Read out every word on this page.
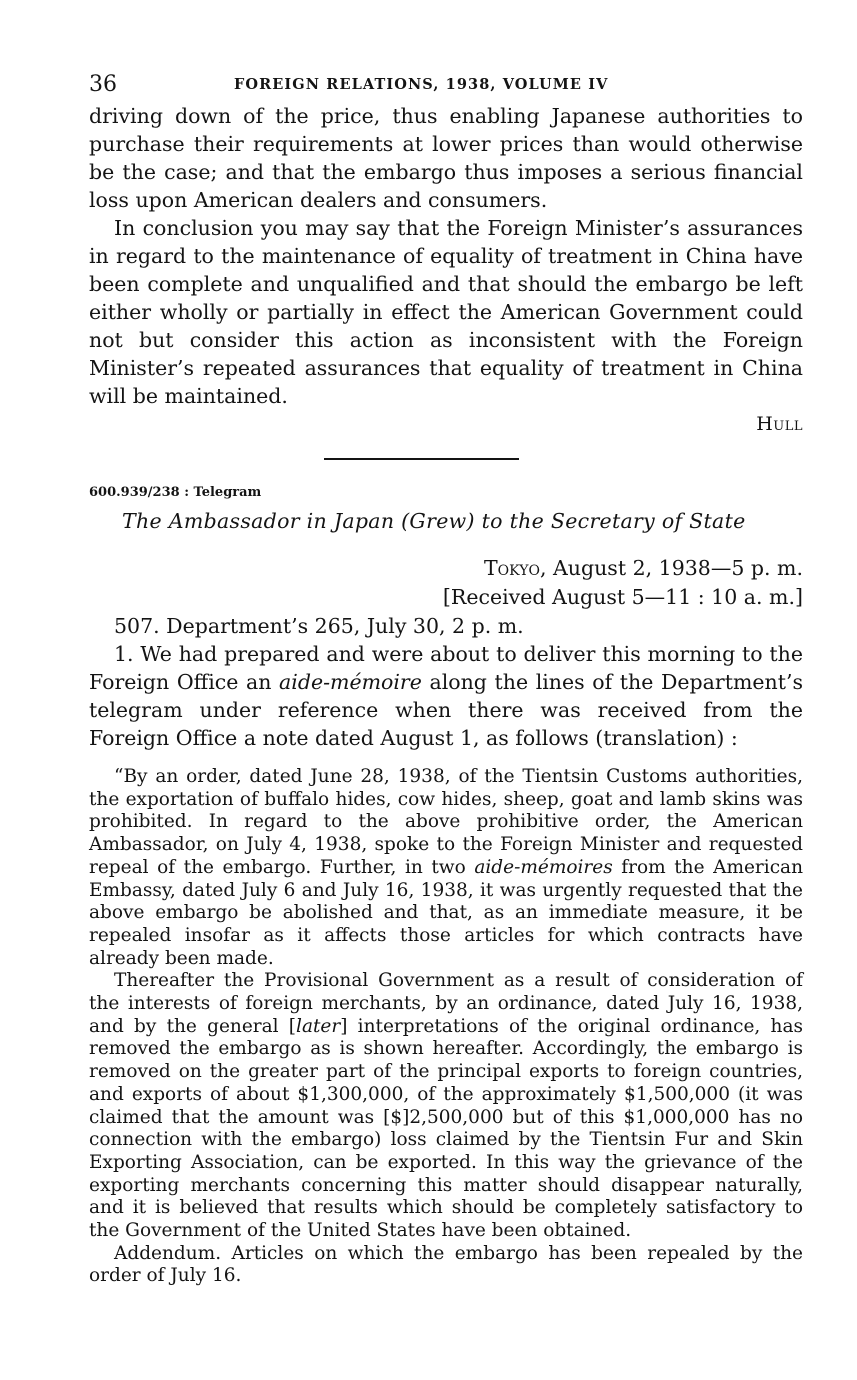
36	FOREIGN RELATIONS, 1938, VOLUME IV

driving down of the price, thus enabling Japanese authorities to purchase their requirements at lower prices than would otherwise be the case; and that the embargo thus imposes a serious financial loss upon American dealers and consumers.

In conclusion you may say that the Foreign Minister’s assurances in regard to the maintenance of equality of treatment in China have been complete and unqualified and that should the embargo be left either wholly or partially in effect the American Government could not but consider this action as inconsistent with the Foreign Minister’s repeated assurances that equality of treatment in China will be maintained.

Hull

600.939/238 : Telegram

The Ambassador in Japan (Grew) to the Secretary of State

Tokyo, August 2, 1938—5 p. m.

[Received August 5—11 : 10 a. m.]

507. Department’s 265, July 30, 2 p. m.

1. We had prepared and were about to deliver this morning to the Foreign Office an aide-mémoire along the lines of the Department’s telegram under reference when there was received from the Foreign Office a note dated August 1, as follows (translation) :

“By an order, dated June 28, 1938, of the Tientsin Customs authorities, the exportation of buffalo hides, cow hides, sheep, goat and lamb skins was prohibited. In regard to the above prohibitive order, the American Ambassador, on July 4, 1938, spoke to the Foreign Minister and requested repeal of the embargo. Further, in two aide-mémoires from the American Embassy, dated July 6 and July 16, 1938, it was urgently requested that the above embargo be abolished and that, as an immediate measure, it be repealed insofar as it affects those articles for which contracts have already been made.

Thereafter the Provisional Government as a result of consideration of the interests of foreign merchants, by an ordinance, dated July 16, 1938, and by the general [later] interpretations of the original ordinance, has removed the embargo as is shown hereafter. Accordingly, the embargo is removed on the greater part of the principal exports to foreign countries, and exports of about $1,300,000, of the approximately $1,500,000 (it was claimed that the amount was [$]2,500,000 but of this $1,000,000 has no connection with the embargo) loss claimed by the Tientsin Fur and Skin Exporting Association, can be exported. In this way the grievance of the exporting merchants concerning this matter should disappear naturally, and it is believed that results which should be completely satisfactory to the Government of the United States have been obtained.

Addendum. Articles on which the embargo has been repealed by the order of July 16.
